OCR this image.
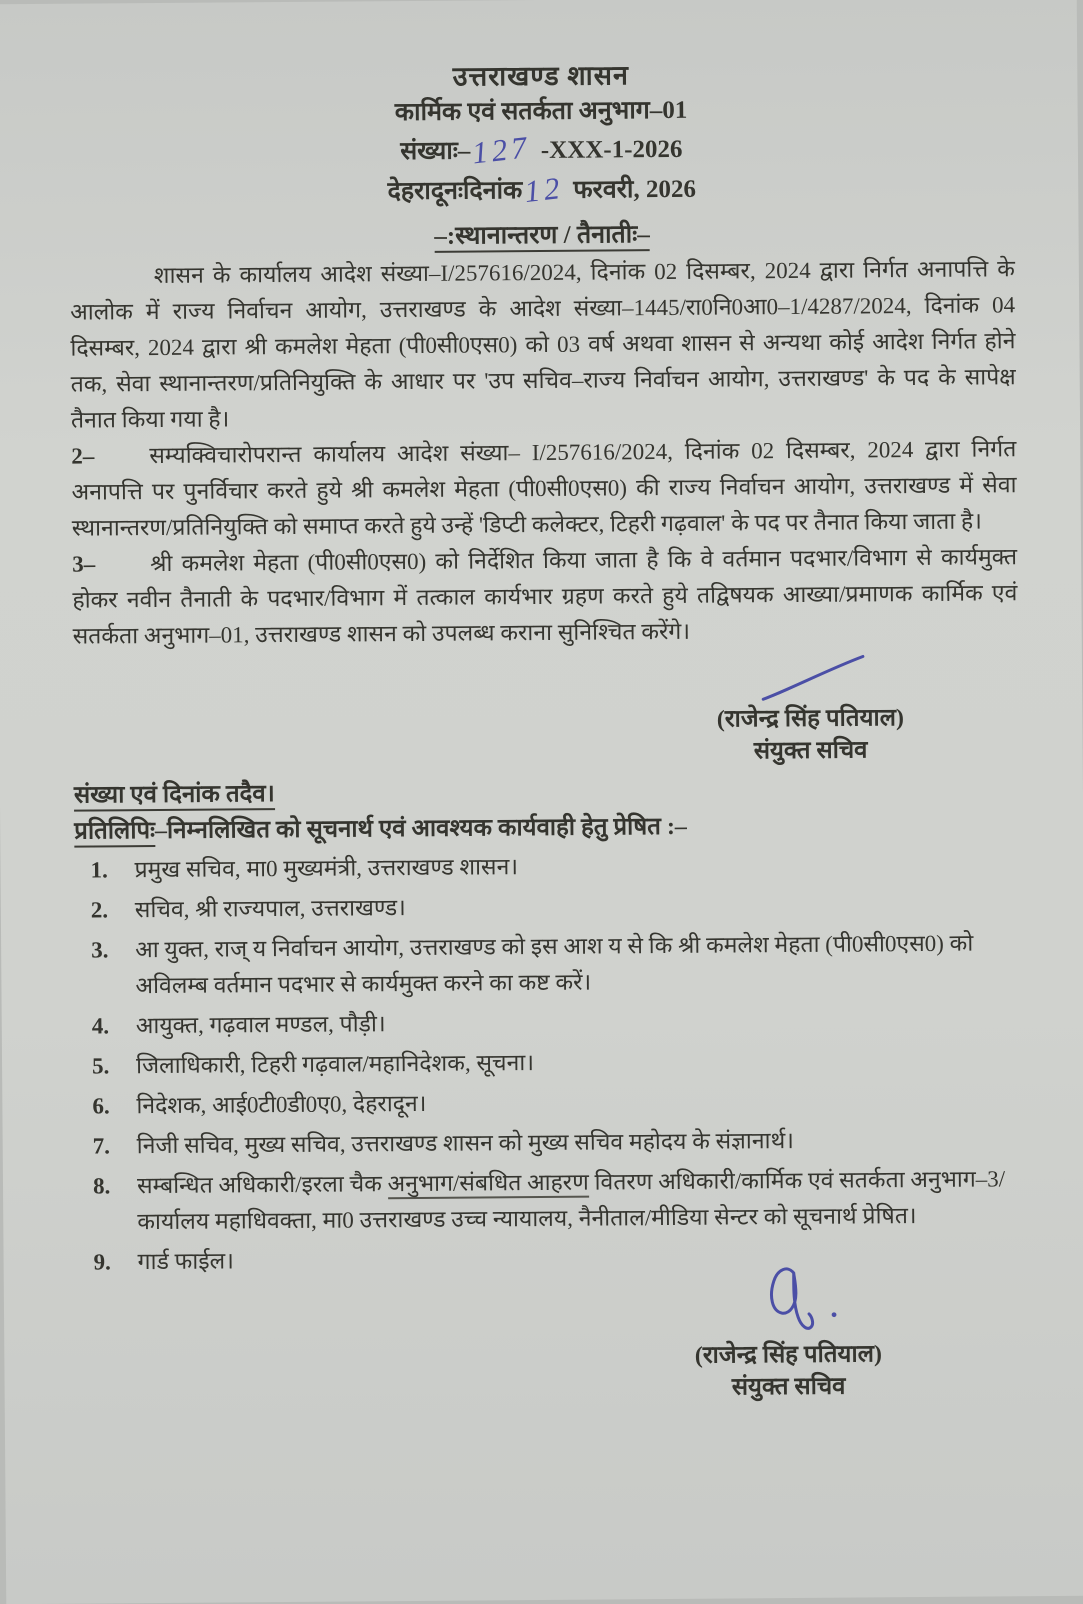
उत्तराखण्ड शासन
कार्मिक एवं सतर्कता अनुभाग–01
संख्याः–127 -XXX-1-2026
देहरादूनःदिनांक12 फरवरी, 2026
–:स्थानान्तरण / तैनातीः–

शासन के कार्यालय आदेश संख्या–I/257616/2024, दिनांक 02 दिसम्बर, 2024 द्वारा निर्गत अनापत्ति के आलोक में राज्य निर्वाचन आयोग, उत्तराखण्ड के आदेश संख्या–1445/रा0नि0आ0–1/4287/2024, दिनांक 04 दिसम्बर, 2024 द्वारा श्री कमलेश मेहता (पी0सी0एस0) को 03 वर्ष अथवा शासन से अन्यथा कोई आदेश निर्गत होने तक, सेवा स्थानान्तरण/प्रतिनियुक्ति के आधार पर 'उप सचिव–राज्य निर्वाचन आयोग, उत्तराखण्ड' के पद के सापेक्ष तैनात किया गया है।

2– सम्यक्विचारोपरान्त कार्यालय आदेश संख्या– I/257616/2024, दिनांक 02 दिसम्बर, 2024 द्वारा निर्गत अनापत्ति पर पुनर्विचार करते हुये श्री कमलेश मेहता (पी0सी0एस0) की राज्य निर्वाचन आयोग, उत्तराखण्ड में सेवा स्थानान्तरण/प्रतिनियुक्ति को समाप्त करते हुये उन्हें 'डिप्टी कलेक्टर, टिहरी गढ़वाल' के पद पर तैनात किया जाता है।

3– श्री कमलेश मेहता (पी0सी0एस0) को निर्देशित किया जाता है कि वे वर्तमान पदभार/विभाग से कार्यमुक्त होकर नवीन तैनाती के पदभार/विभाग में तत्काल कार्यभार ग्रहण करते हुये तद्विषयक आख्या/प्रमाणक कार्मिक एवं सतर्कता अनुभाग–01, उत्तराखण्ड शासन को उपलब्ध कराना सुनिश्चित करेंगे।

(राजेन्द्र सिंह पतियाल)
संयुक्त सचिव
संख्या एवं दिनांक तदैव।
प्रतिलिपिः–निम्नलिखित को सूचनार्थ एवं आवश्यक कार्यवाही हेतु प्रेषित :–
1. प्रमुख सचिव, मा0 मुख्यमंत्री, उत्तराखण्ड शासन।
2. सचिव, श्री राज्यपाल, उत्तराखण्ड।
3. आ युक्त, राज् य निर्वाचन आयोग, उत्तराखण्ड को इस आश य से कि श्री कमलेश मेहता (पी0सी0एस0) को अविलम्ब वर्तमान पदभार से कार्यमुक्त करने का कष्ट करें।
4. आयुक्त, गढ़वाल मण्डल, पौड़ी।
5. जिलाधिकारी, टिहरी गढ़वाल/महानिदेशक, सूचना।
6. निदेशक, आई0टी0डी0ए0, देहरादून।
7. निजी सचिव, मुख्य सचिव, उत्तराखण्ड शासन को मुख्य सचिव महोदय के संज्ञानार्थ।
8. सम्बन्धित अधिकारी/इरला चैक अनुभाग/संबधित आहरण वितरण अधिकारी/कार्मिक एवं सतर्कता अनुभाग–3/कार्यालय महाधिवक्ता, मा0 उत्तराखण्ड उच्च न्यायालय, नैनीताल/मीडिया सेन्टर को सूचनार्थ प्रेषित।
9. गार्ड फाईल।
(राजेन्द्र सिंह पतियाल)
संयुक्त सचिव
